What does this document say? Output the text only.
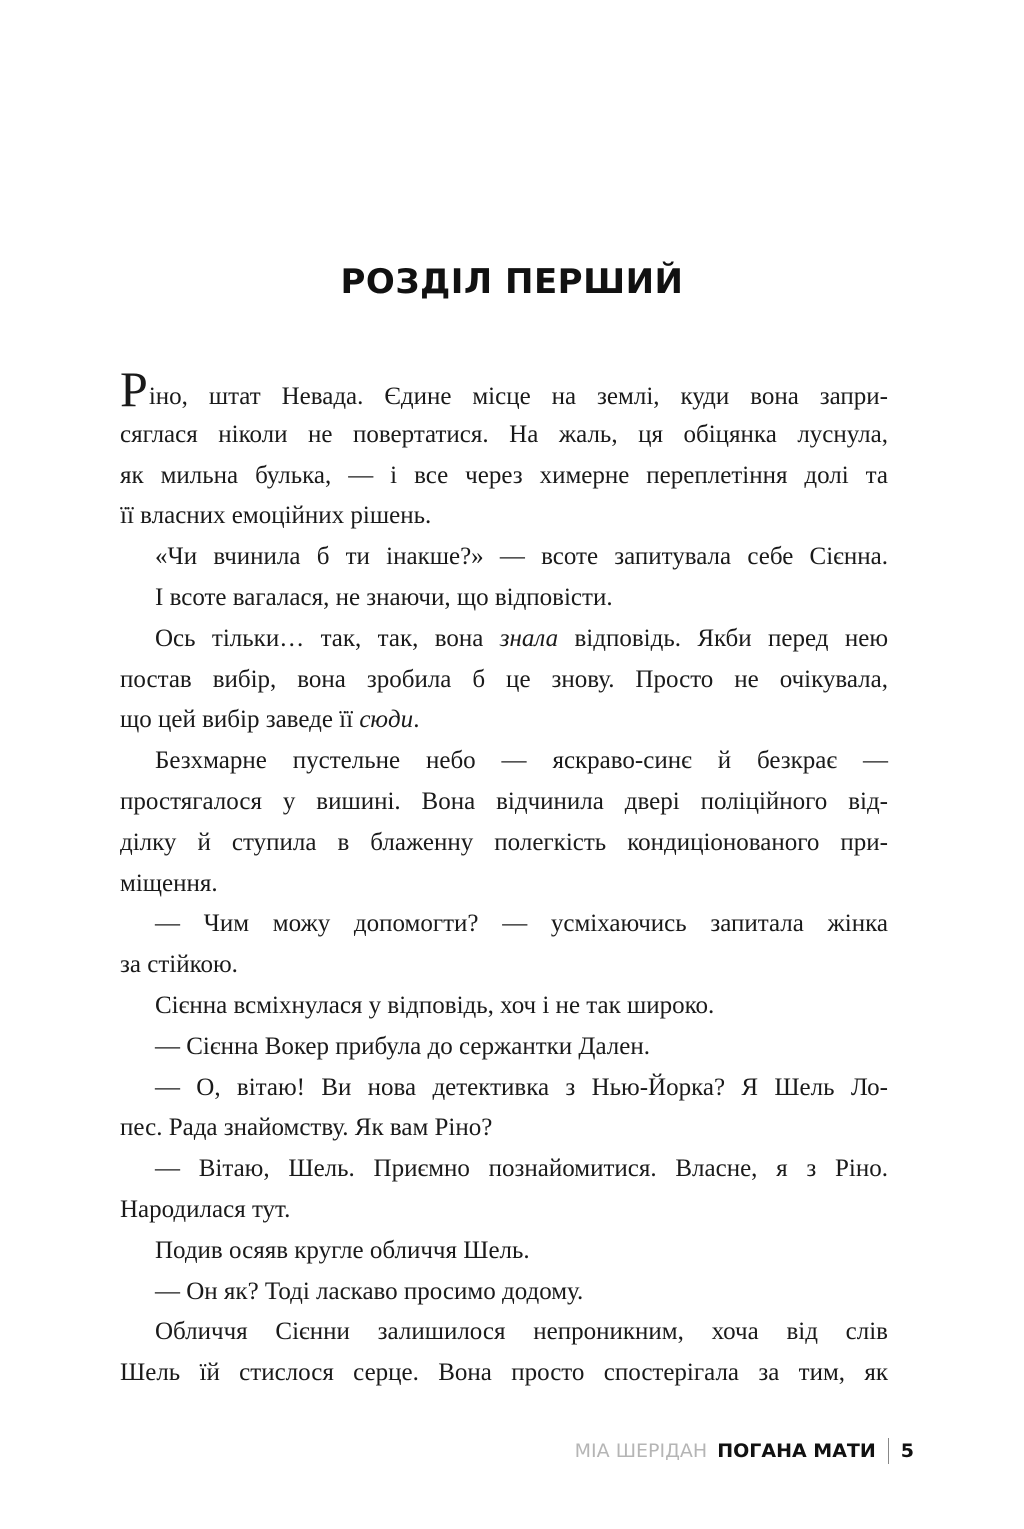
РОЗДІЛ ПЕРШИЙ
Ріно, штат Невада. Єдине місце на землі, куди вона запри-
сяглася ніколи не повертатися. На жаль, ця обіцянка луснула,
як мильна булька, — і все через химерне переплетіння долі та
її власних емоційних рішень.
«Чи вчинила б ти інакше?» — всоте запитувала себе Сієнна.
І всоте вагалася, не знаючи, що відповісти.
Ось тільки… так, так, вона знала відповідь. Якби перед нею
постав вибір, вона зробила б це знову. Просто не очікувала,
що цей вибір заведе її сюди.
Безхмарне пустельне небо — яскраво-синє й безкрає —
простягалося у вишині. Вона відчинила двері поліційного від-
ділку й ступила в блаженну полегкість кондиціонованого при-
міщення.
— Чим можу допомогти? — усміхаючись запитала жінка
за стійкою.
Сієнна всміхнулася у відповідь, хоч і не так широко.
— Сієнна Вокер прибула до сержантки Дален.
— О, вітаю! Ви нова детективка з Нью-Йорка? Я Шель Ло-
пес. Рада знайомству. Як вам Ріно?
— Вітаю, Шель. Приємно познайомитися. Власне, я з Ріно.
Народилася тут.
Подив осяяв кругле обличчя Шель.
— Он як? Тоді ласкаво просимо додому.
Обличчя Сієнни залишилося непроникним, хоча від слів
Шель їй стислося серце. Вона просто спостерігала за тим, як
МІА ШЕРІДАН ПОГАНА МАТИ 5
